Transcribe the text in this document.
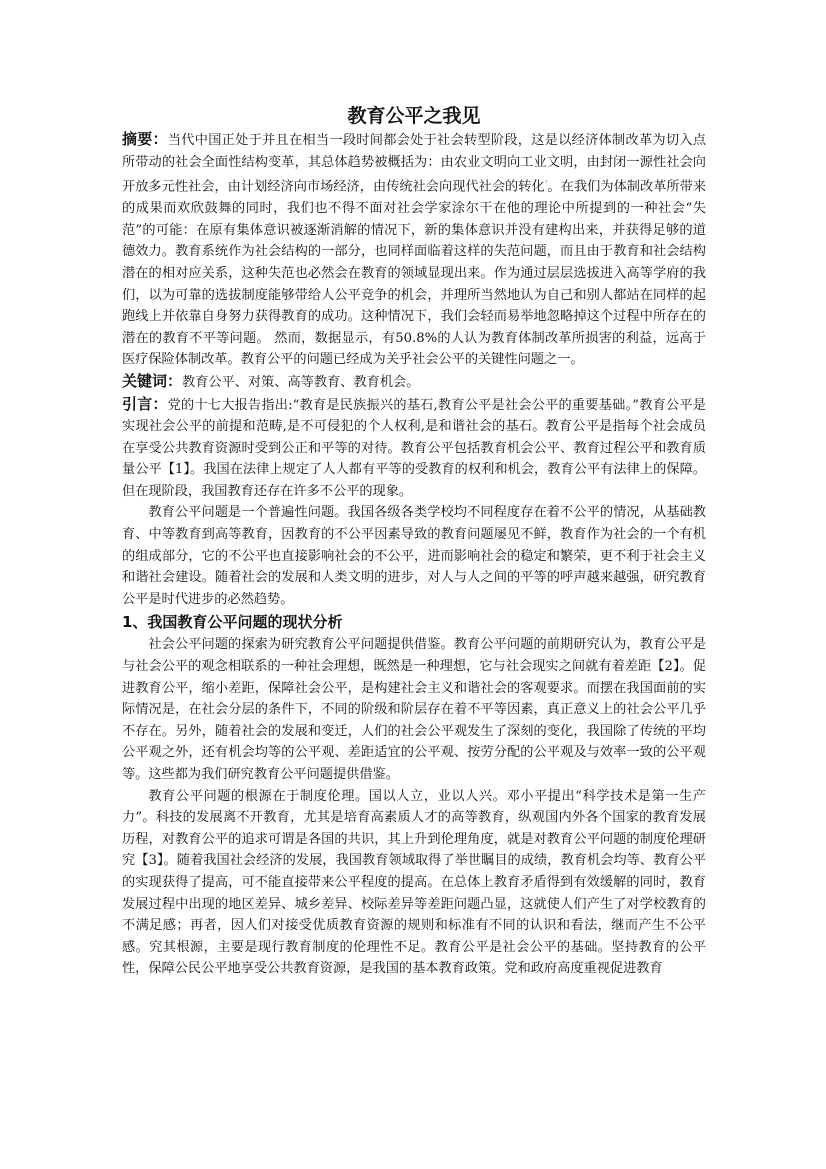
教育公平之我见

摘要：当代中国正处于并且在相当一段时间都会处于社会转型阶段，这是以经济体制改革为切入点所带动的社会全面性结构变革，其总体趋势被概括为：由农业文明向工业文明，由封闭一源性社会向开放多元性社会，由计划经济向市场经济，由传统社会向现代社会的转化$^{^1}$。在我们为体制改革所带来的成果而欢欣鼓舞的同时，我们也不得不面对社会学家涂尔干在他的理论中所提到的一种社会“失范”的可能：在原有集体意识被逐渐消解的情况下，新的集体意识并没有建构出来，并获得足够的道德效力。教育系统作为社会结构的一部分，也同样面临着这样的失范问题，而且由于教育和社会结构潜在的相对应关系，这种失范也必然会在教育的领域显现出来。作为通过层层选拔进入高等学府的我们，以为可靠的选拔制度能够带给人公平竞争的机会，并理所当然地认为自己和别人都站在同样的起跑线上并依靠自身努力获得教育的成功。这种情况下，我们会轻而易举地忽略掉这个过程中所存在的潜在的教育不平等问题。 然而，数据显示，有50.8%的人认为教育体制改革所损害的利益，远高于医疗保险体制改革。教育公平的问题已经成为关乎社会公平的关键性问题之一。

关键词：教育公平、对策、高等教育、教育机会。

引言：党的十七大报告指出:“教育是民族振兴的基石,教育公平是社会公平的重要基础。”教育公平是实现社会公平的前提和范畴,是不可侵犯的个人权利,是和谐社会的基石。教育公平是指每个社会成员在享受公共教育资源时受到公正和平等的对待。教育公平包括教育机会公平、教育过程公平和教育质量公平【1】。我国在法律上规定了人人都有平等的受教育的权利和机会，教育公平有法律上的保障。但在现阶段，我国教育还存在许多不公平的现象。

教育公平问题是一个普遍性问题。我国各级各类学校均不同程度存在着不公平的情况，从基础教育、中等教育到高等教育，因教育的不公平因素导致的教育问题屡见不鲜，教育作为社会的一个有机的组成部分，它的不公平也直接影响社会的不公平，进而影响社会的稳定和繁荣，更不利于社会主义和谐社会建设。随着社会的发展和人类文明的进步，对人与人之间的平等的呼声越来越强，研究教育公平是时代进步的必然趋势。

1、我国教育公平问题的现状分析

社会公平问题的探索为研究教育公平问题提供借鉴。教育公平问题的前期研究认为，教育公平是与社会公平的观念相联系的一种社会理想，既然是一种理想，它与社会现实之间就有着差距【2】。促进教育公平，缩小差距，保障社会公平，是构建社会主义和谐社会的客观要求。而摆在我国面前的实际情况是，在社会分层的条件下，不同的阶级和阶层存在着不平等因素，真正意义上的社会公平几乎不存在。另外，随着社会的发展和变迁，人们的社会公平观发生了深刻的变化，我国除了传统的平均公平观之外，还有机会均等的公平观、差距适宜的公平观、按劳分配的公平观及与效率一致的公平观等。这些都为我们研究教育公平问题提供借鉴。

教育公平问题的根源在于制度伦理。国以人立，业以人兴。邓小平提出“科学技术是第一生产力”。科技的发展离不开教育，尤其是培育高素质人才的高等教育，纵观国内外各个国家的教育发展历程，对教育公平的追求可谓是各国的共识，其上升到伦理角度，就是对教育公平问题的制度伦理研究【3】。随着我国社会经济的发展，我国教育领域取得了举世瞩目的成绩，教育机会均等、教育公平的实现获得了提高，可不能直接带来公平程度的提高。在总体上教育矛盾得到有效缓解的同时，教育发展过程中出现的地区差异、城乡差异、校际差异等差距问题凸显，这就使人们产生了对学校教育的不满足感；再者，因人们对接受优质教育资源的规则和标准有不同的认识和看法，继而产生不公平感。究其根源，主要是现行教育制度的伦理性不足。教育公平是社会公平的基础。坚持教育的公平性，保障公民公平地享受公共教育资源，是我国的基本教育政策。党和政府高度重视促进教育
